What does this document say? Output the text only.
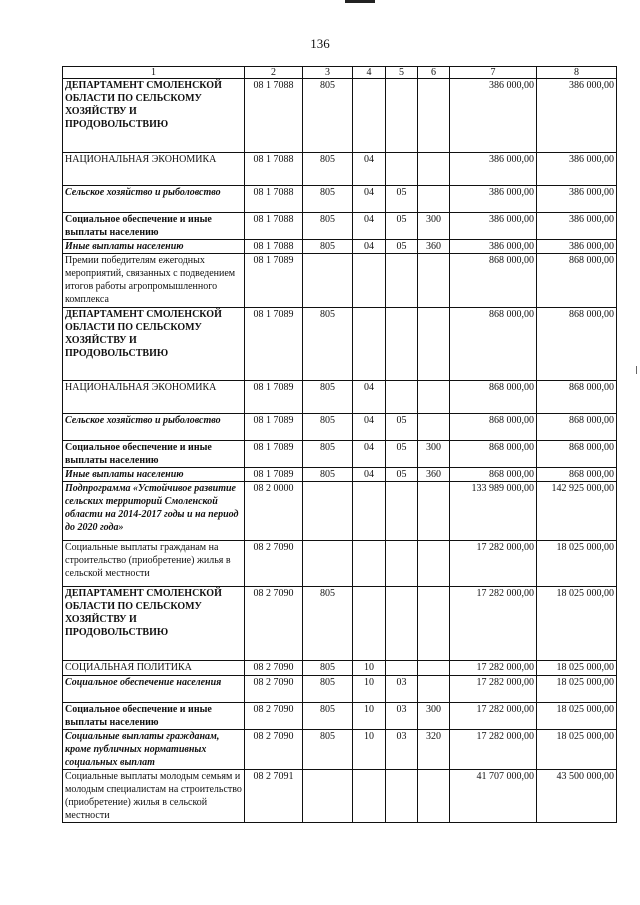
136
1	2	3	4	5	6	7	8
ДЕПАРТАМЕНТ СМОЛЕНСКОЙ ОБЛАСТИ ПО СЕЛЬСКОМУ ХОЗЯЙСТВУ И ПРОДОВОЛЬСТВИЮ	08 1 7088	805				386 000,00	386 000,00
НАЦИОНАЛЬНАЯ ЭКОНОМИКА	08 1 7088	805	04			386 000,00	386 000,00
Сельское хозяйство и рыболовство	08 1 7088	805	04	05		386 000,00	386 000,00
Социальное обеспечение и иные выплаты населению	08 1 7088	805	04	05	300	386 000,00	386 000,00
Иные выплаты населению	08 1 7088	805	04	05	360	386 000,00	386 000,00
Премии победителям ежегодных мероприятий, связанных с подведением итогов работы агропромышленного комплекса	08 1 7089					868 000,00	868 000,00
ДЕПАРТАМЕНТ СМОЛЕНСКОЙ ОБЛАСТИ ПО СЕЛЬСКОМУ ХОЗЯЙСТВУ И ПРОДОВОЛЬСТВИЮ	08 1 7089	805				868 000,00	868 000,00
НАЦИОНАЛЬНАЯ ЭКОНОМИКА	08 1 7089	805	04			868 000,00	868 000,00
Сельское хозяйство и рыболовство	08 1 7089	805	04	05		868 000,00	868 000,00
Социальное обеспечение и иные выплаты населению	08 1 7089	805	04	05	300	868 000,00	868 000,00
Иные выплаты населению	08 1 7089	805	04	05	360	868 000,00	868 000,00
Подпрограмма «Устойчивое развитие сельских территорий Смоленской области на 2014-2017 годы и на период до 2020 года»	08 2 0000					133 989 000,00	142 925 000,00
Социальные выплаты гражданам на строительство (приобретение) жилья в сельской местности	08 2 7090					17 282 000,00	18 025 000,00
ДЕПАРТАМЕНТ СМОЛЕНСКОЙ ОБЛАСТИ ПО СЕЛЬСКОМУ ХОЗЯЙСТВУ И ПРОДОВОЛЬСТВИЮ	08 2 7090	805				17 282 000,00	18 025 000,00
СОЦИАЛЬНАЯ ПОЛИТИКА	08 2 7090	805	10			17 282 000,00	18 025 000,00
Социальное обеспечение населения	08 2 7090	805	10	03		17 282 000,00	18 025 000,00
Социальное обеспечение и иные выплаты населению	08 2 7090	805	10	03	300	17 282 000,00	18 025 000,00
Социальные выплаты гражданам, кроме публичных нормативных социальных выплат	08 2 7090	805	10	03	320	17 282 000,00	18 025 000,00
Социальные выплаты молодым семьям и молодым специалистам на строительство (приобретение) жилья в сельской местности	08 2 7091					41 707 000,00	43 500 000,00
